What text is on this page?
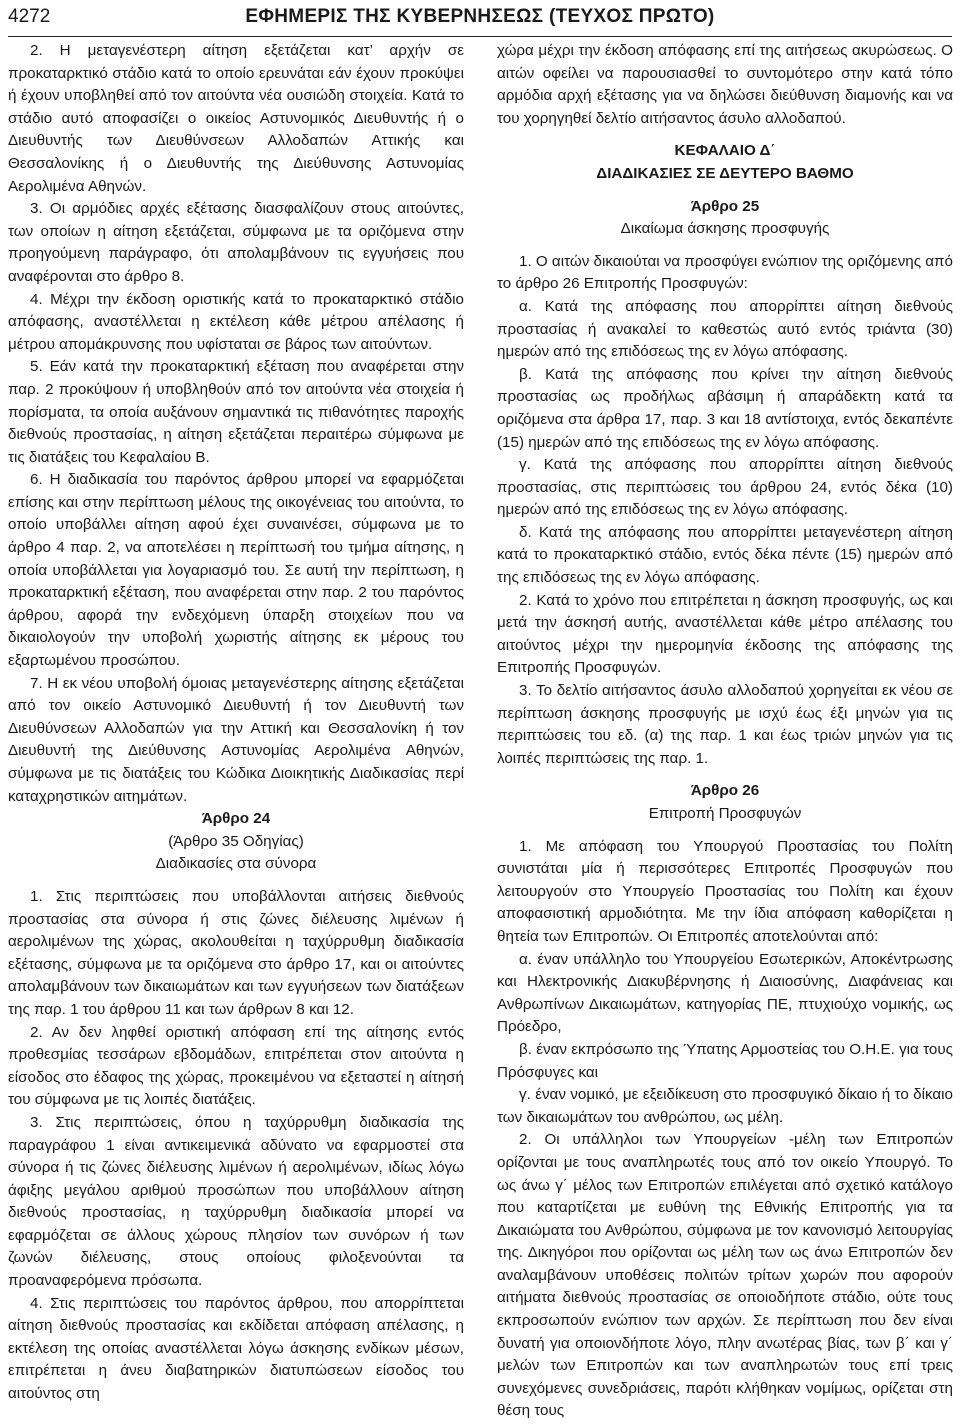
4272	ΕΦΗΜΕΡΙΣ ΤΗΣ ΚΥΒΕΡΝΗΣΕΩΣ (ΤΕΥΧΟΣ ΠΡΩΤΟ)

2. Η μεταγενέστερη αίτηση εξετάζεται κατ’ αρχήν σε προκαταρκτικό στάδιο κατά το οποίο ερευνάται εάν έχουν προκύψει ή έχουν υποβληθεί από τον αιτούντα νέα ουσιώδη στοιχεία. Κατά το στάδιο αυτό αποφασίζει ο οικείος Αστυνομικός Διευθυντής ή ο Διευθυντής των Διευθύνσεων Αλλοδαπών Αττικής και Θεσσαλονίκης ή ο Διευθυντής της Διεύθυνσης Αστυνομίας Αερολιμένα Αθηνών.

3. Οι αρμόδιες αρχές εξέτασης διασφαλίζουν στους αιτούντες, των οποίων η αίτηση εξετάζεται, σύμφωνα με τα οριζόμενα στην προηγούμενη παράγραφο, ότι απολαμβάνουν τις εγγυήσεις που αναφέρονται στο άρθρο 8.

4. Μέχρι την έκδοση οριστικής κατά το προκαταρκτικό στάδιο απόφασης, αναστέλλεται η εκτέλεση κάθε μέτρου απέλασης ή μέτρου απομάκρυνσης που υφίσταται σε βάρος των αιτούντων.

5. Εάν κατά την προκαταρκτική εξέταση που αναφέρεται στην παρ. 2 προκύψουν ή υποβληθούν από τον αιτούντα νέα στοιχεία ή πορίσματα, τα οποία αυξάνουν σημαντικά τις πιθανότητες παροχής διεθνούς προστασίας, η αίτηση εξετάζεται περαιτέρω σύμφωνα με τις διατάξεις του Κεφαλαίου Β.

6. Η διαδικασία του παρόντος άρθρου μπορεί να εφαρμόζεται επίσης και στην περίπτωση μέλους της οικογένειας του αιτούντα, το οποίο υποβάλλει αίτηση αφού έχει συναινέσει, σύμφωνα με το άρθρο 4 παρ. 2, να αποτελέσει η περίπτωσή του τμήμα αίτησης, η οποία υποβάλλεται για λογαριασμό του. Σε αυτή την περίπτωση, η προκαταρκτική εξέταση, που αναφέρεται στην παρ. 2 του παρόντος άρθρου, αφορά την ενδεχόμενη ύπαρξη στοιχείων που να δικαιολογούν την υποβολή χωριστής αίτησης εκ μέρους του εξαρτωμένου προσώπου.

7. Η εκ νέου υποβολή όμοιας μεταγενέστερης αίτησης εξετάζεται από τον οικείο Αστυνομικό Διευθυντή ή τον Διευθυντή των Διευθύνσεων Αλλοδαπών για την Αττική και Θεσσαλονίκη ή τον Διευθυντή της Διεύθυνσης Αστυνομίας Αερολιμένα Αθηνών, σύμφωνα με τις διατάξεις του Κώδικα Διοικητικής Διαδικασίας περί καταχρηστικών αιτημάτων.

Άρθρο 24

(Άρθρο 35 Οδηγίας)

Διαδικασίες στα σύνορα

1. Στις περιπτώσεις που υποβάλλονται αιτήσεις διεθνούς προστασίας στα σύνορα ή στις ζώνες διέλευσης λιμένων ή αερολιμένων της χώρας, ακολουθείται η ταχύρρυθμη διαδικασία εξέτασης, σύμφωνα με τα οριζόμενα στο άρθρο 17, και οι αιτούντες απολαμβάνουν των δικαιωμάτων και των εγγυήσεων των διατάξεων της παρ. 1 του άρθρου 11 και των άρθρων 8 και 12.

2. Αν δεν ληφθεί οριστική απόφαση επί της αίτησης εντός προθεσμίας τεσσάρων εβδομάδων, επιτρέπεται στον αιτούντα η είσοδος στο έδαφος της χώρας, προκειμένου να εξεταστεί η αίτησή του σύμφωνα με τις λοιπές διατάξεις.

3. Στις περιπτώσεις, όπου η ταχύρρυθμη διαδικασία της παραγράφου 1 είναι αντικειμενικά αδύνατο να εφαρμοστεί στα σύνορα ή τις ζώνες διέλευσης λιμένων ή αερολιμένων, ιδίως λόγω άφιξης μεγάλου αριθμού προσώπων που υποβάλλουν αίτηση διεθνούς προστασίας, η ταχύρρυθμη διαδικασία μπορεί να εφαρμόζεται σε άλλους χώρους πλησίον των συνόρων ή των ζωνών διέλευσης, στους οποίους φιλοξενούνται τα προαναφερόμενα πρόσωπα.

4. Στις περιπτώσεις του παρόντος άρθρου, που απορρίπτεται αίτηση διεθνούς προστασίας και εκδίδεται απόφαση απέλασης, η εκτέλεση της οποίας αναστέλλεται λόγω άσκησης ενδίκων μέσων, επιτρέπεται η άνευ διαβατηρικών διατυπώσεων είσοδος του αιτούντος στη

χώρα μέχρι την έκδοση απόφασης επί της αιτήσεως ακυρώσεως. Ο αιτών οφείλει να παρουσιασθεί το συντομότερο στην κατά τόπο αρμόδια αρχή εξέτασης για να δηλώσει διεύθυνση διαμονής και να του χορηγηθεί δελτίο αιτήσαντος άσυλο αλλοδαπού.

ΚΕΦΑΛΑΙΟ Δ΄

ΔΙΑΔΙΚΑΣΙΕΣ ΣΕ ΔΕΥΤΕΡΟ ΒΑΘΜΟ

Άρθρο 25

Δικαίωμα άσκησης προσφυγής

1. Ο αιτών δικαιούται να προσφύγει ενώπιον της οριζόμενης από το άρθρο 26 Επιτροπής Προσφυγών:

α. Κατά της απόφασης που απορρίπτει αίτηση διεθνούς προστασίας ή ανακαλεί το καθεστώς αυτό εντός τριάντα (30) ημερών από της επιδόσεως της εν λόγω απόφασης.

β. Κατά της απόφασης που κρίνει την αίτηση διεθνούς προστασίας ως προδήλως αβάσιμη ή απαράδεκτη κατά τα οριζόμενα στα άρθρα 17, παρ. 3 και 18 αντίστοιχα, εντός δεκαπέντε (15) ημερών από της επιδόσεως της εν λόγω απόφασης.

γ. Κατά της απόφασης που απορρίπτει αίτηση διεθνούς προστασίας, στις περιπτώσεις του άρθρου 24, εντός δέκα (10) ημερών από της επιδόσεως της εν λόγω απόφασης.

δ. Κατά της απόφασης που απορρίπτει μεταγενέστερη αίτηση κατά το προκαταρκτικό στάδιο, εντός δέκα πέντε (15) ημερών από της επιδόσεως της εν λόγω απόφασης.

2. Κατά το χρόνο που επιτρέπεται η άσκηση προσφυγής, ως και μετά την άσκησή αυτής, αναστέλλεται κάθε μέτρο απέλασης του αιτούντος μέχρι την ημερομηνία έκδοσης της απόφασης της Επιτροπής Προσφυγών.

3. Το δελτίο αιτήσαντος άσυλο αλλοδαπού χορηγείται εκ νέου σε περίπτωση άσκησης προσφυγής με ισχύ έως έξι μηνών για τις περιπτώσεις του εδ. (α) της παρ. 1 και έως τριών μηνών για τις λοιπές περιπτώσεις της παρ. 1.

Άρθρο 26

Επιτροπή Προσφυγών

1. Με απόφαση του Υπουργού Προστασίας του Πολίτη συνιστάται μία ή περισσότερες Επιτροπές Προσφυγών που λειτουργούν στο Υπουργείο Προστασίας του Πολίτη και έχουν αποφασιστική αρμοδιότητα. Με την ίδια απόφαση καθορίζεται η θητεία των Επιτροπών. Οι Επιτροπές αποτελούνται από:

α. έναν υπάλληλο του Υπουργείου Εσωτερικών, Αποκέντρωσης και Ηλεκτρονικής Διακυβέρνησης ή Διαιοσύνης, Διαφάνειας και Ανθρωπίνων Δικαιωμάτων, κατηγορίας ΠΕ, πτυχιούχο νομικής, ως Πρόεδρο,

β. έναν εκπρόσωπο της Ύπατης Αρμοστείας του Ο.Η.Ε. για τους Πρόσφυγες και

γ. έναν νομικό, με εξειδίκευση στο προσφυγικό δίκαιο ή το δίκαιο των δικαιωμάτων του ανθρώπου, ως μέλη.

2. Οι υπάλληλοι των Υπουργείων -μέλη των Επιτροπών ορίζονται με τους αναπληρωτές τους από τον οικείο Υπουργό. Το ως άνω γ΄ μέλος των Επιτροπών επιλέγεται από σχετικό κατάλογο που καταρτίζεται με ευθύνη της Εθνικής Επιτροπής για τα Δικαιώματα του Ανθρώπου, σύμφωνα με τον κανονισμό λειτουργίας της. Δικηγόροι που ορίζονται ως μέλη των ως άνω Επιτροπών δεν αναλαμβάνουν υποθέσεις πολιτών τρίτων χωρών που αφορούν αιτήματα διεθνούς προστασίας σε οποιοδήποτε στάδιο, ούτε τους εκπροσωπούν ενώπιον των αρχών. Σε περίπτωση που δεν είναι δυνατή για οποιονδήποτε λόγο, πλην ανωτέρας βίας, των β΄ και γ΄ μελών των Επιτροπών και των αναπληρωτών τους επί τρεις συνεχόμενες συνεδριάσεις, παρότι κλήθηκαν νομίμως, ορίζεται στη θέση τους
